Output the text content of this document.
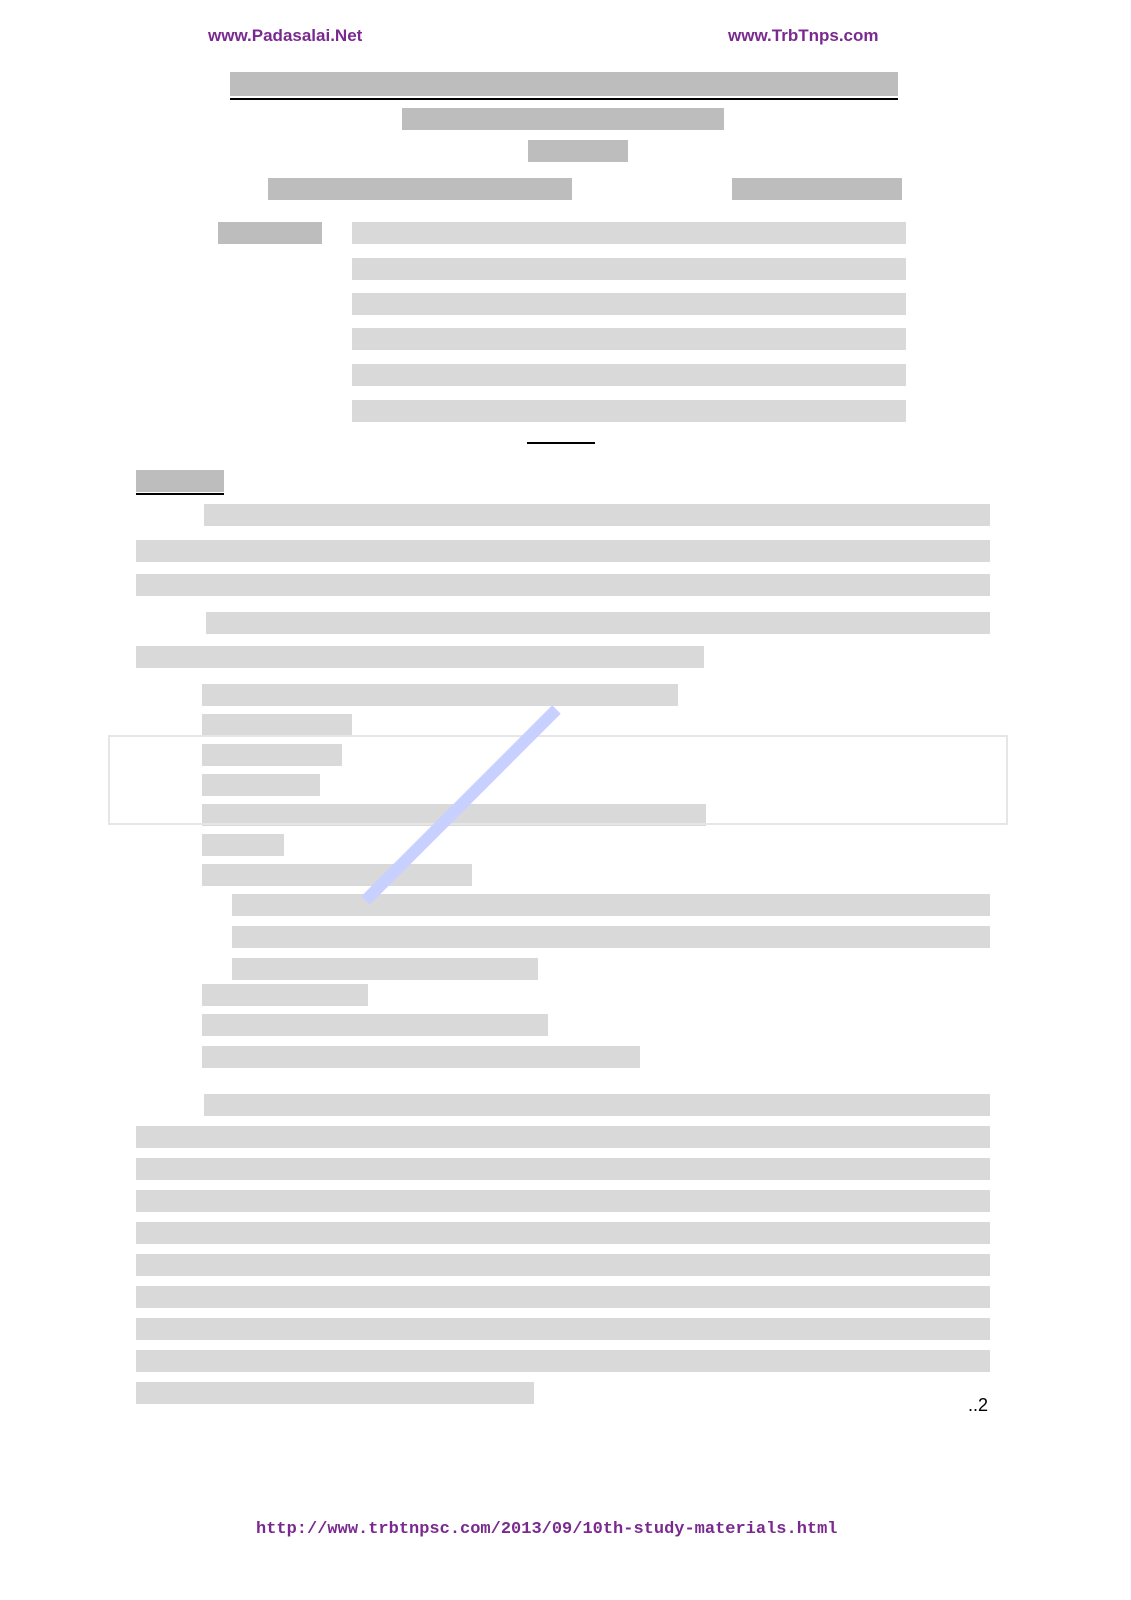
www.Padasalai.Net	www.TrbTnps.com
..2
http://www.trbtnpsc.com/2013/09/10th-study-materials.html
